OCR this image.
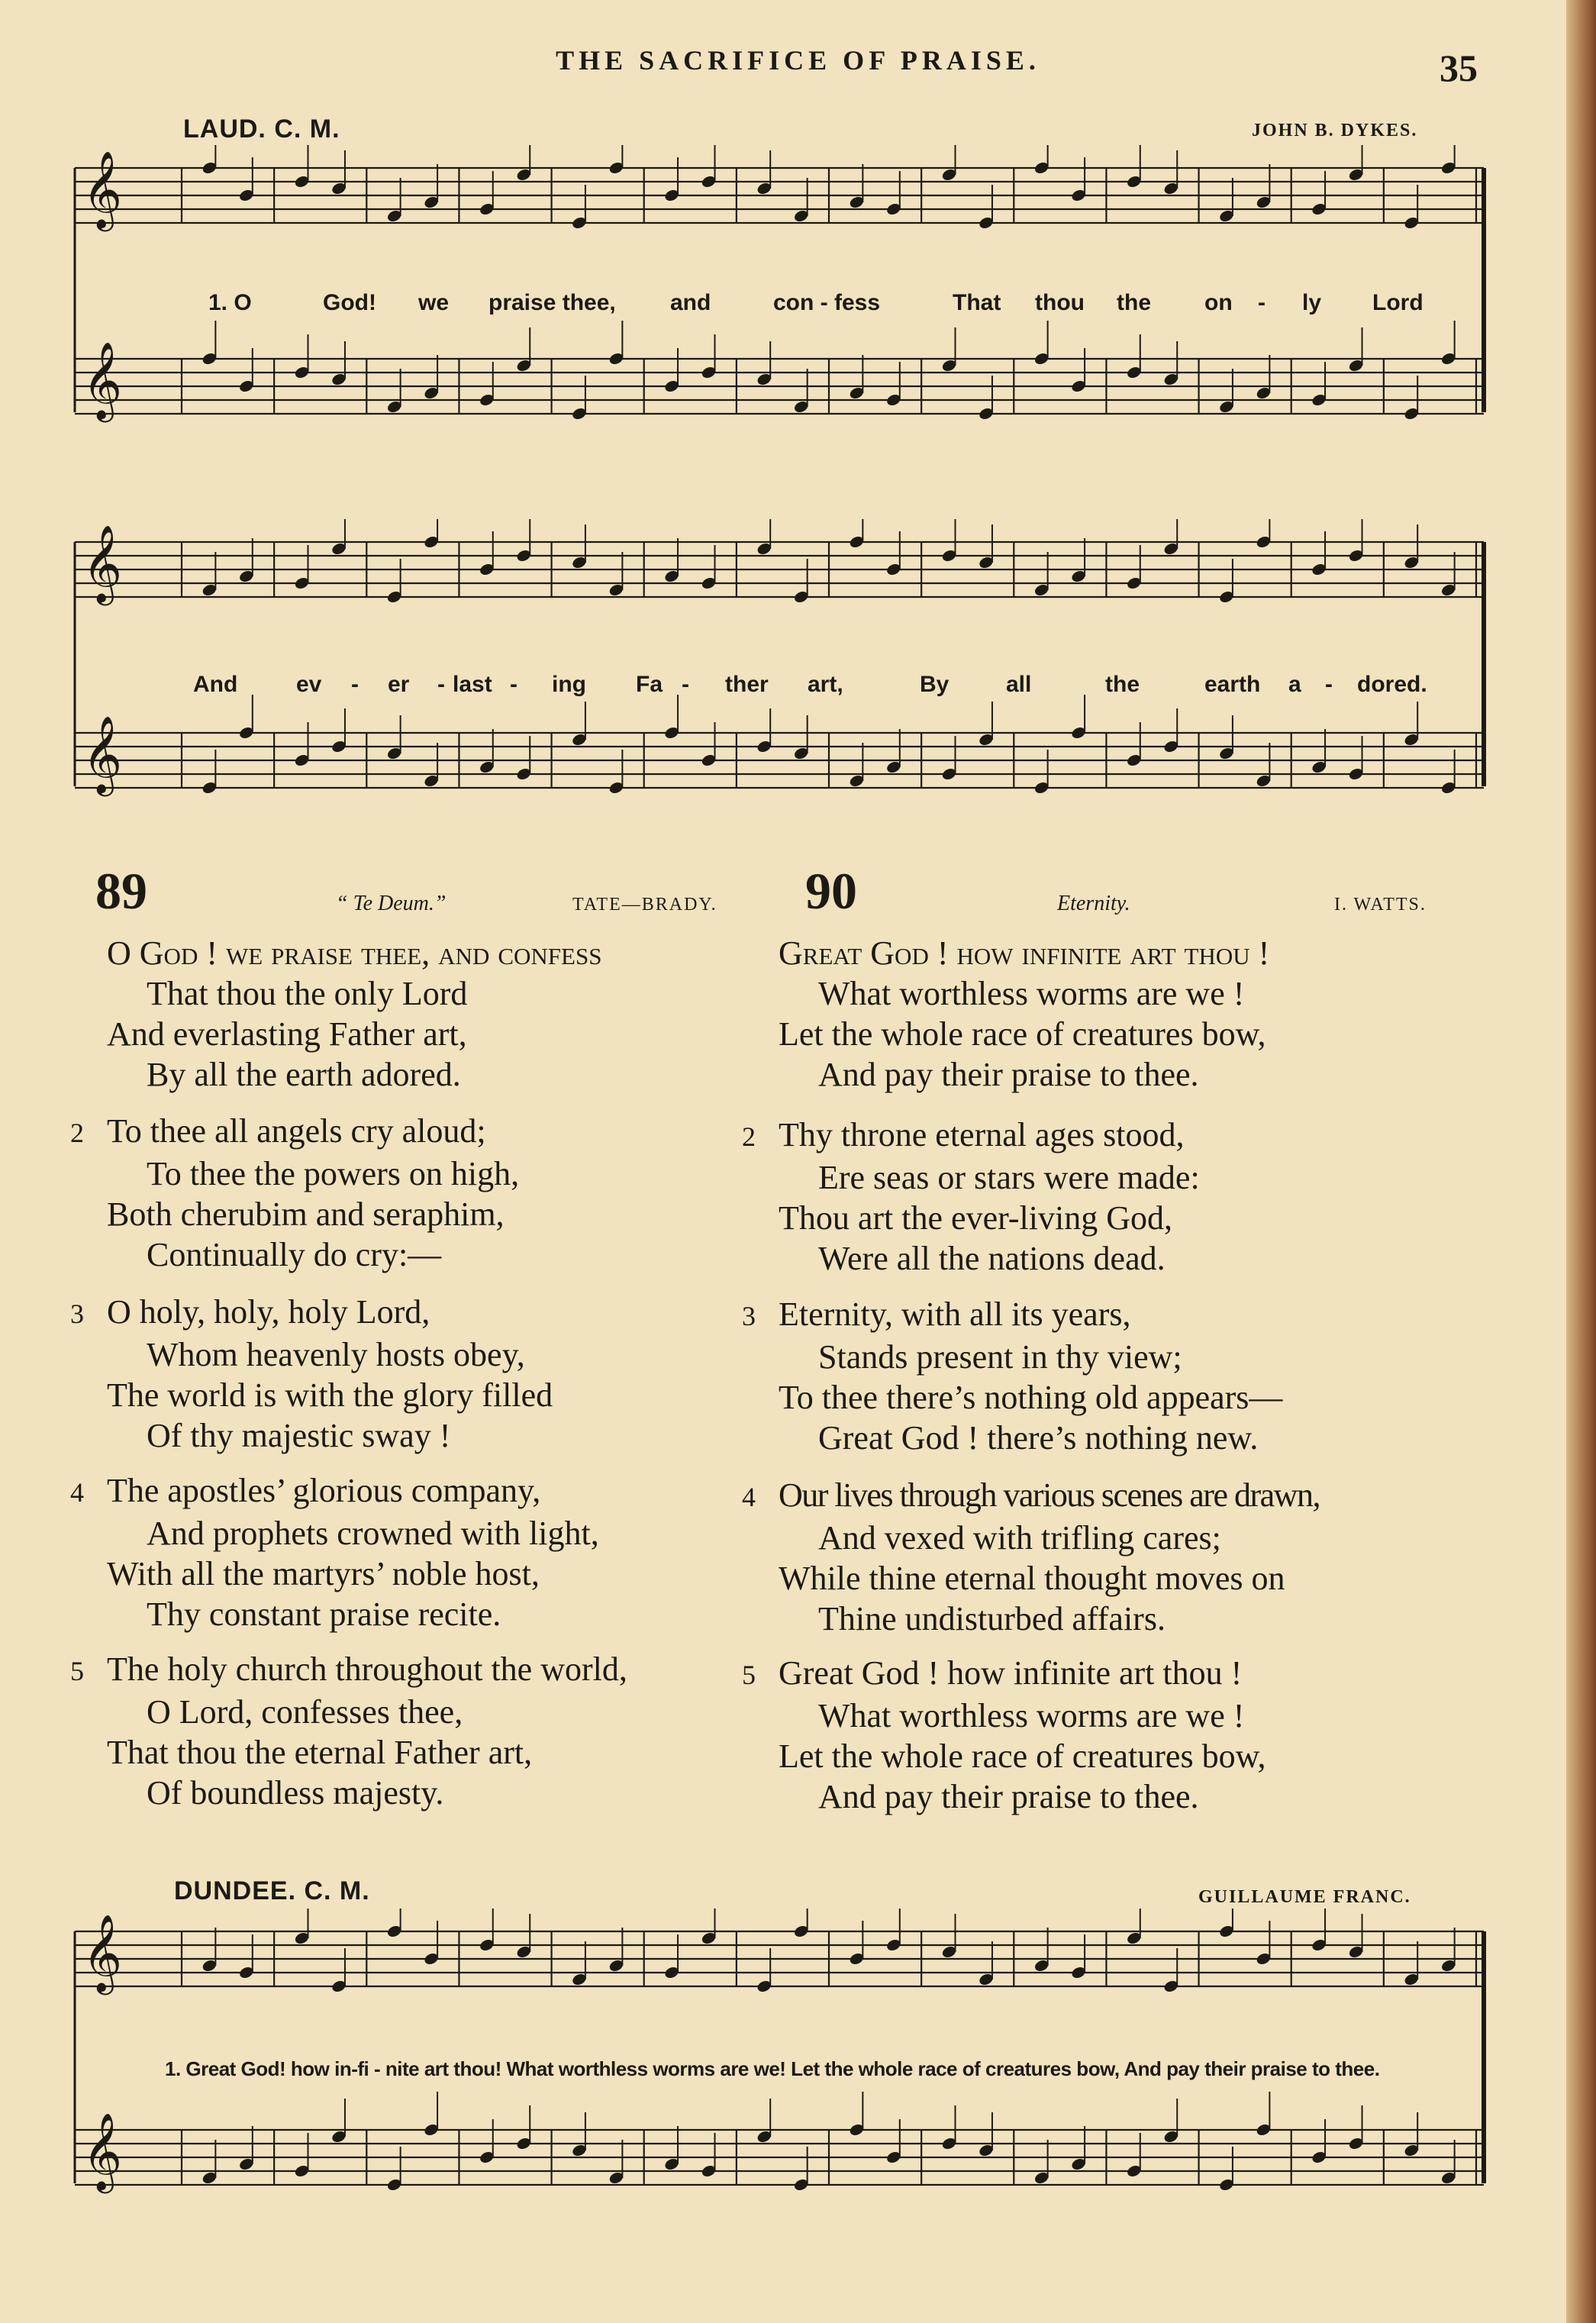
THE SACRIFICE OF PRAISE.	35
LAUD. C. M.	JOHN B. DYKES.
𝄞
𝄞
1. O	God! we praise thee, and	con - fess	That thou the on - ly Lord
𝄞
𝄞
And	ev - er - last - ing Fa - ther art,	By all	the	earth a - dored.
89	“ Te Deum.”	TATE—BRADY.
O God ! we praise thee, and confess
That thou the only Lord
And everlasting Father art,
By all the earth adored.
2 To thee all angels cry aloud;
To thee the powers on high,
Both cherubim and seraphim,
Continually do cry:—
3 O holy, holy, holy Lord,
Whom heavenly hosts obey,
The world is with the glory filled
Of thy majestic sway !
4 The apostles’ glorious company,
And prophets crowned with light,
With all the martyrs’ noble host,
Thy constant praise recite.
5 The holy church throughout the world,
O Lord, confesses thee,
That thou the eternal Father art,
Of boundless majesty.
90	Eternity.	I. WATTS.
Great God ! how infinite art thou !
What worthless worms are we !
Let the whole race of creatures bow,
And pay their praise to thee.
2 Thy throne eternal ages stood,
Ere seas or stars were made:
Thou art the ever-living God,
Were all the nations dead.
3 Eternity, with all its years,
Stands present in thy view;
To thee there’s nothing old appears—
Great God ! there’s nothing new.
4 Our lives through various scenes are drawn,
And vexed with trifling cares;
While thine eternal thought moves on
Thine undisturbed affairs.
5 Great God ! how infinite art thou !
What worthless worms are we !
Let the whole race of creatures bow,
And pay their praise to thee.
DUNDEE. C. M.	GUILLAUME FRANC.
𝄞
𝄞
1. Great God! how in-fi - nite art thou! What worthless worms are we! Let the whole race of creatures bow, And pay their praise to thee.
